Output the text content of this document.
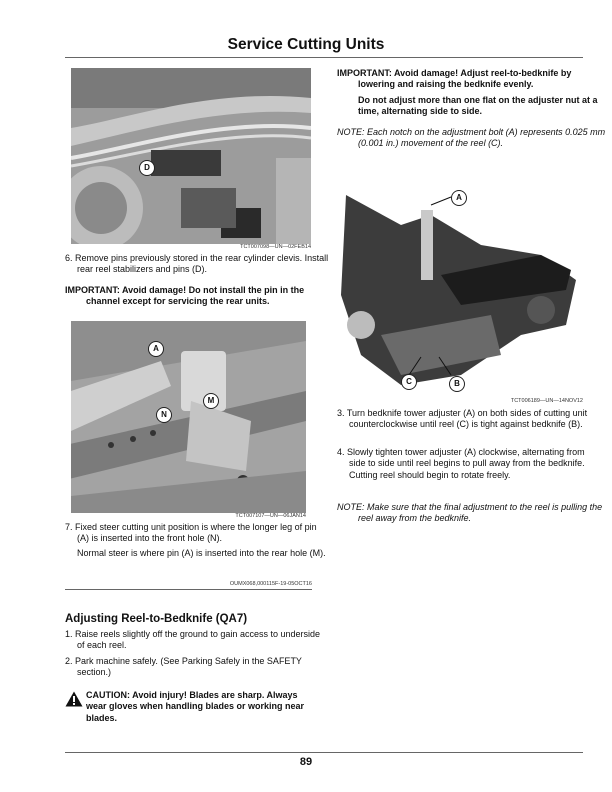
Service Cutting Units
D
TCT007098—UN—02FEB14
6. Remove pins previously stored in the rear cylinder clevis. Install rear reel stabilizers and pins (D).
IMPORTANT: Avoid damage! Do not install the pin in the channel except for servicing the rear units.
A
M
N
TCT007107—UN—06JAN14
7. Fixed steer cutting unit position is where the longer leg of pin (A) is inserted into the front hole (N).
Normal steer is where pin (A) is inserted into the rear hole (M).
OUMX068,000115F-19-05OCT16
Adjusting Reel-to-Bedknife (QA7)
1. Raise reels slightly off the ground to gain access to underside of each reel.
2. Park machine safely. (See Parking Safely in the SAFETY section.)
CAUTION: Avoid injury! Blades are sharp. Always wear gloves when handling blades or working near blades.
IMPORTANT: Avoid damage! Adjust reel-to-bedknife by lowering and raising the bedknife evenly.
Do not adjust more than one flat on the adjuster nut at a time, alternating side to side.
NOTE: Each notch on the adjustment bolt (A) represents 0.025 mm (0.001 in.) movement of the reel (C).
A
C	B
TCT006189—UN—14NOV12
3. Turn bedknife tower adjuster (A) on both sides of cutting unit counterclockwise until reel (C) is tight against bedknife (B).
4. Slowly tighten tower adjuster (A) clockwise, alternating from side to side until reel begins to pull away from the bedknife. Cutting reel should begin to rotate freely.
NOTE: Make sure that the final adjustment to the reel is pulling the reel away from the bedknife.
89
